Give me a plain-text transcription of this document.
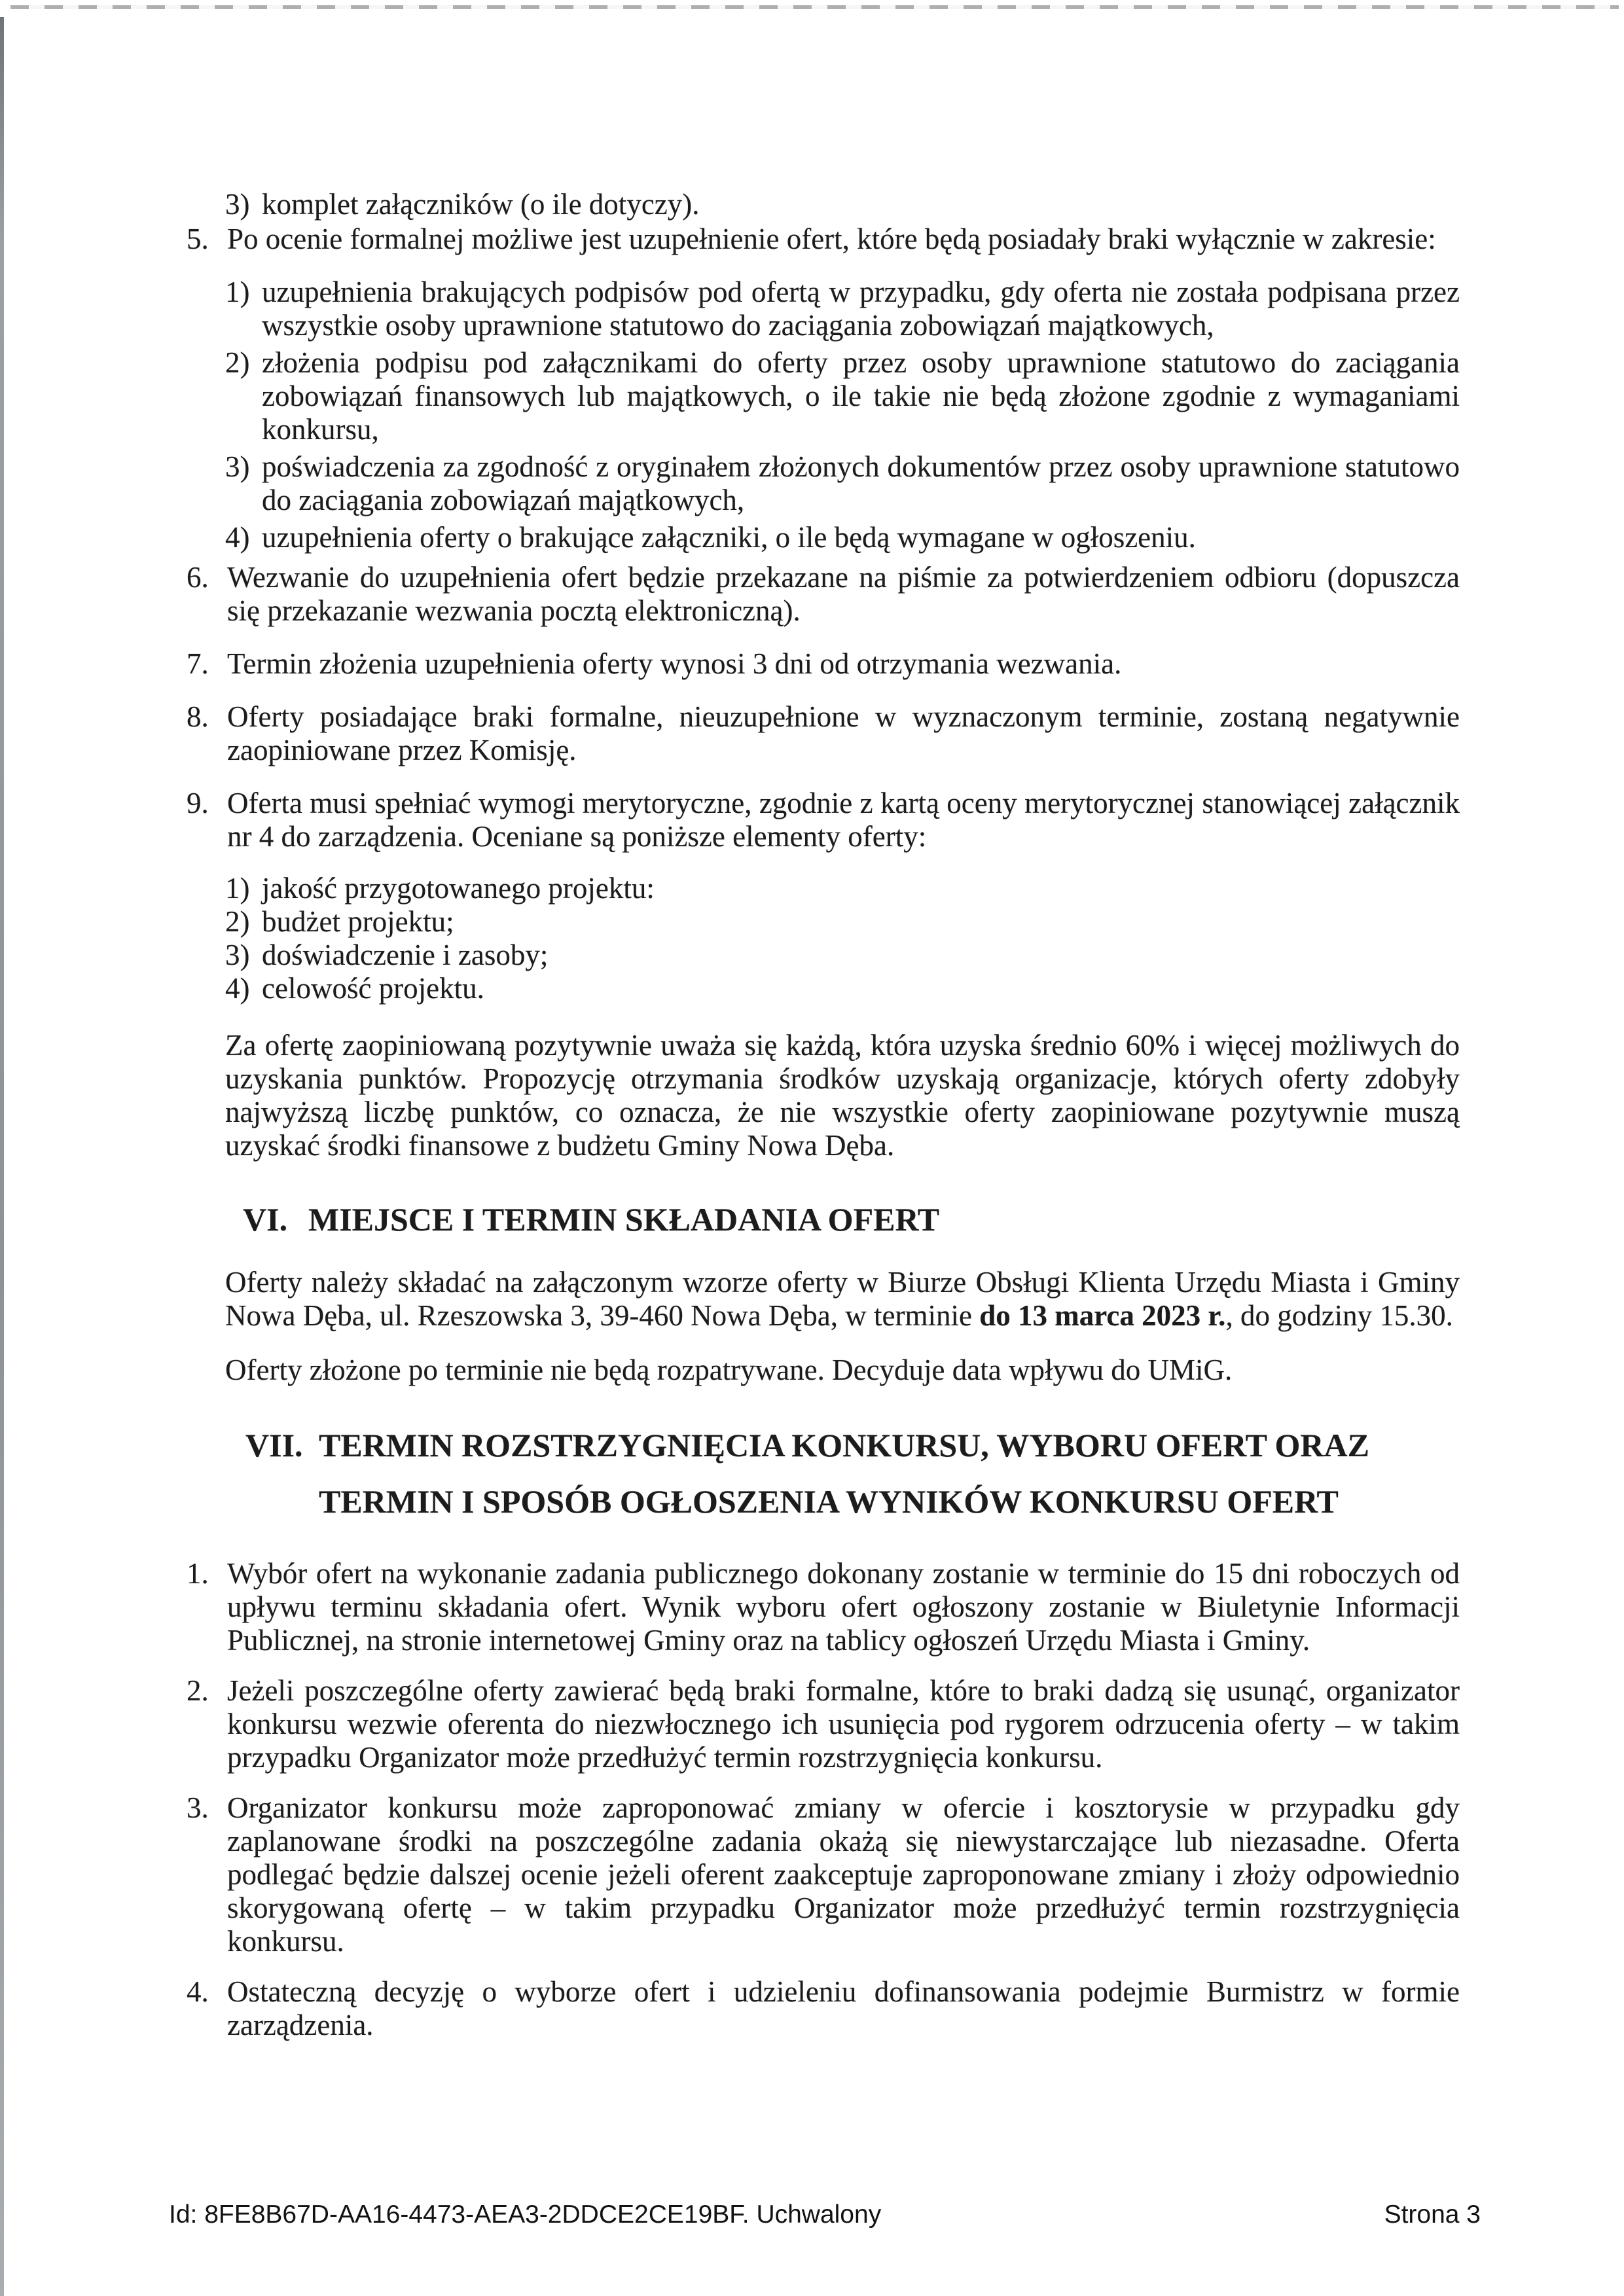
3) komplet załączników (o ile dotyczy).
5. Po ocenie formalnej możliwe jest uzupełnienie ofert, które będą posiadały braki wyłącznie w zakresie:
1) uzupełnienia brakujących podpisów pod ofertą w przypadku, gdy oferta nie została podpisana przez wszystkie osoby uprawnione statutowo do zaciągania zobowiązań majątkowych,
2) złożenia podpisu pod załącznikami do oferty przez osoby uprawnione statutowo do zaciągania zobowiązań finansowych lub majątkowych, o ile takie nie będą złożone zgodnie z wymaganiami konkursu,
3) poświadczenia za zgodność z oryginałem złożonych dokumentów przez osoby uprawnione statutowo do zaciągania zobowiązań majątkowych,
4) uzupełnienia oferty o brakujące załączniki, o ile będą wymagane w ogłoszeniu.
6. Wezwanie do uzupełnienia ofert będzie przekazane na piśmie za potwierdzeniem odbioru (dopuszcza się przekazanie wezwania pocztą elektroniczną).
7. Termin złożenia uzupełnienia oferty wynosi 3 dni od otrzymania wezwania.
8. Oferty posiadające braki formalne, nieuzupełnione w wyznaczonym terminie, zostaną negatywnie zaopiniowane przez Komisję.
9. Oferta musi spełniać wymogi merytoryczne, zgodnie z kartą oceny merytorycznej stanowiącej załącznik nr 4 do zarządzenia. Oceniane są poniższe elementy oferty:
1) jakość przygotowanego projektu:
2) budżet projektu;
3) doświadczenie i zasoby;
4) celowość projektu.
Za ofertę zaopiniowaną pozytywnie uważa się każdą, która uzyska średnio 60% i więcej możliwych do uzyskania punktów. Propozycję otrzymania środków uzyskają organizacje, których oferty zdobyły najwyższą liczbę punktów, co oznacza, że nie wszystkie oferty zaopiniowane pozytywnie muszą uzyskać środki finansowe z budżetu Gminy Nowa Dęba.
VI. MIEJSCE I TERMIN SKŁADANIA OFERT
Oferty należy składać na załączonym wzorze oferty w Biurze Obsługi Klienta Urzędu Miasta i Gminy Nowa Dęba, ul. Rzeszowska 3, 39-460 Nowa Dęba, w terminie do 13 marca 2023 r., do godziny 15.30.
Oferty złożone po terminie nie będą rozpatrywane. Decyduje data wpływu do UMiG.
VII. TERMIN ROZSTRZYGNIĘCIA KONKURSU, WYBORU OFERT ORAZ
TERMIN I SPOSÓB OGŁOSZENIA WYNIKÓW KONKURSU OFERT
1. Wybór ofert na wykonanie zadania publicznego dokonany zostanie w terminie do 15 dni roboczych od upływu terminu składania ofert. Wynik wyboru ofert ogłoszony zostanie w Biuletynie Informacji Publicznej, na stronie internetowej Gminy oraz na tablicy ogłoszeń Urzędu Miasta i Gminy.
2. Jeżeli poszczególne oferty zawierać będą braki formalne, które to braki dadzą się usunąć, organizator konkursu wezwie oferenta do niezwłocznego ich usunięcia pod rygorem odrzucenia oferty – w takim przypadku Organizator może przedłużyć termin rozstrzygnięcia konkursu.
3. Organizator konkursu może zaproponować zmiany w ofercie i kosztorysie w przypadku gdy zaplanowane środki na poszczególne zadania okażą się niewystarczające lub niezasadne. Oferta podlegać będzie dalszej ocenie jeżeli oferent zaakceptuje zaproponowane zmiany i złoży odpowiednio skorygowaną ofertę – w takim przypadku Organizator może przedłużyć termin rozstrzygnięcia konkursu.
4. Ostateczną decyzję o wyborze ofert i udzieleniu dofinansowania podejmie Burmistrz w formie zarządzenia.
Id: 8FE8B67D-AA16-4473-AEA3-2DDCE2CE19BF. Uchwalony	Strona 3
